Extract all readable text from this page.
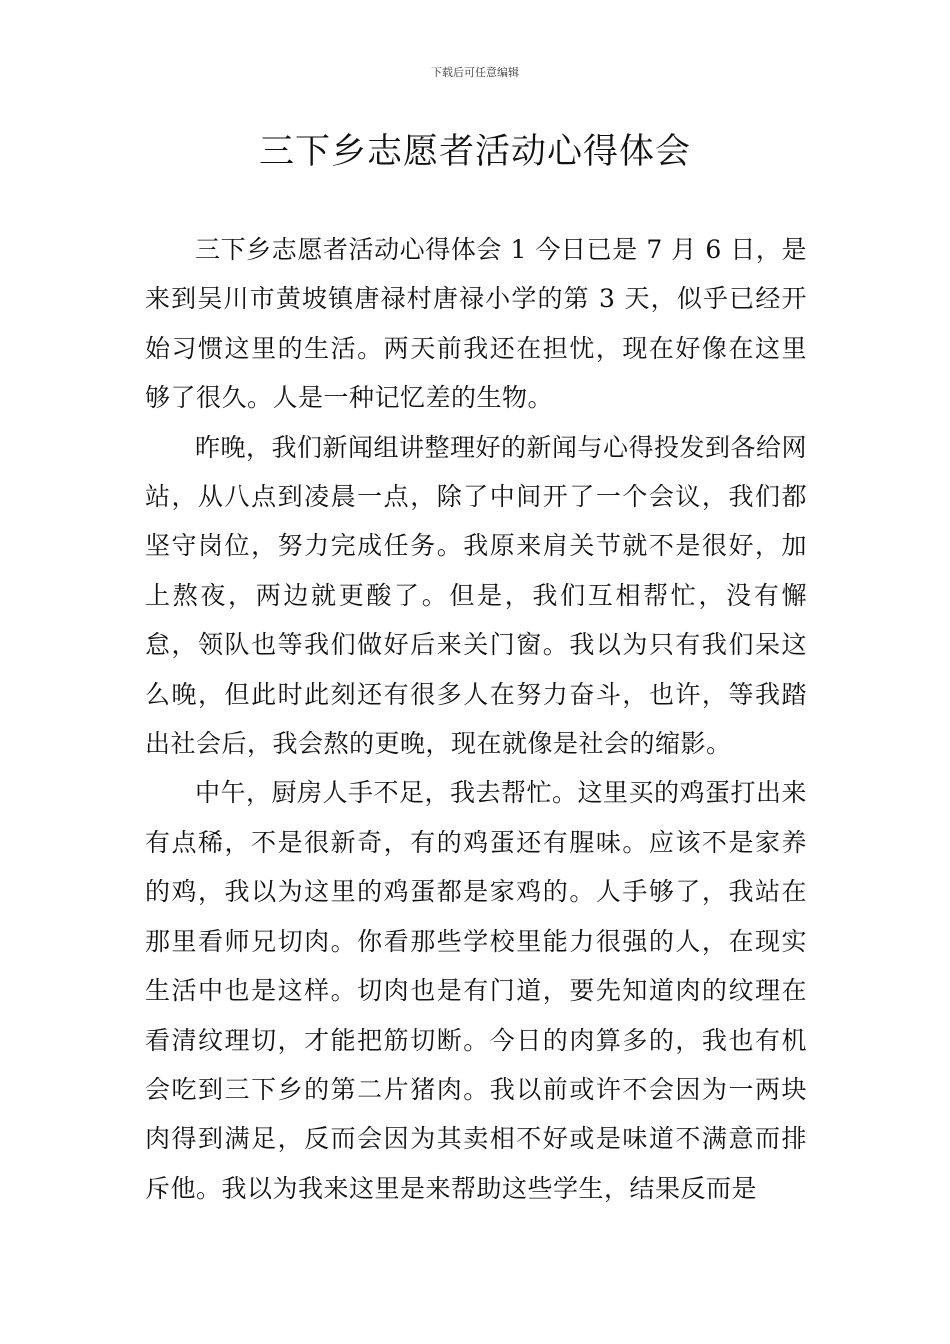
下载后可任意编辑
三下乡志愿者活动心得体会

三下乡志愿者活动心得体会 1 今日已是 7 月 6 日，是来到吴川市黄坡镇唐禄村唐禄小学的第 3 天，似乎已经开始习惯这里的生活。两天前我还在担忧，现在好像在这里够了很久。人是一种记忆差的生物。

昨晚，我们新闻组讲整理好的新闻与心得投发到各给网站，从八点到凌晨一点，除了中间开了一个会议，我们都坚守岗位，努力完成任务。我原来肩关节就不是很好，加上熬夜，两边就更酸了。但是，我们互相帮忙，没有懈怠，领队也等我们做好后来关门窗。我以为只有我们呆这么晚，但此时此刻还有很多人在努力奋斗，也许，等我踏出社会后，我会熬的更晚，现在就像是社会的缩影。

中午，厨房人手不足，我去帮忙。这里买的鸡蛋打出来有点稀，不是很新奇，有的鸡蛋还有腥味。应该不是家养的鸡，我以为这里的鸡蛋都是家鸡的。人手够了，我站在那里看师兄切肉。你看那些学校里能力很强的人，在现实生活中也是这样。切肉也是有门道，要先知道肉的纹理在看清纹理切，才能把筋切断。今日的肉算多的，我也有机会吃到三下乡的第二片猪肉。我以前或许不会因为一两块肉得到满足，反而会因为其卖相不好或是味道不满意而排斥他。我以为我来这里是来帮助这些学生，结果反而是
